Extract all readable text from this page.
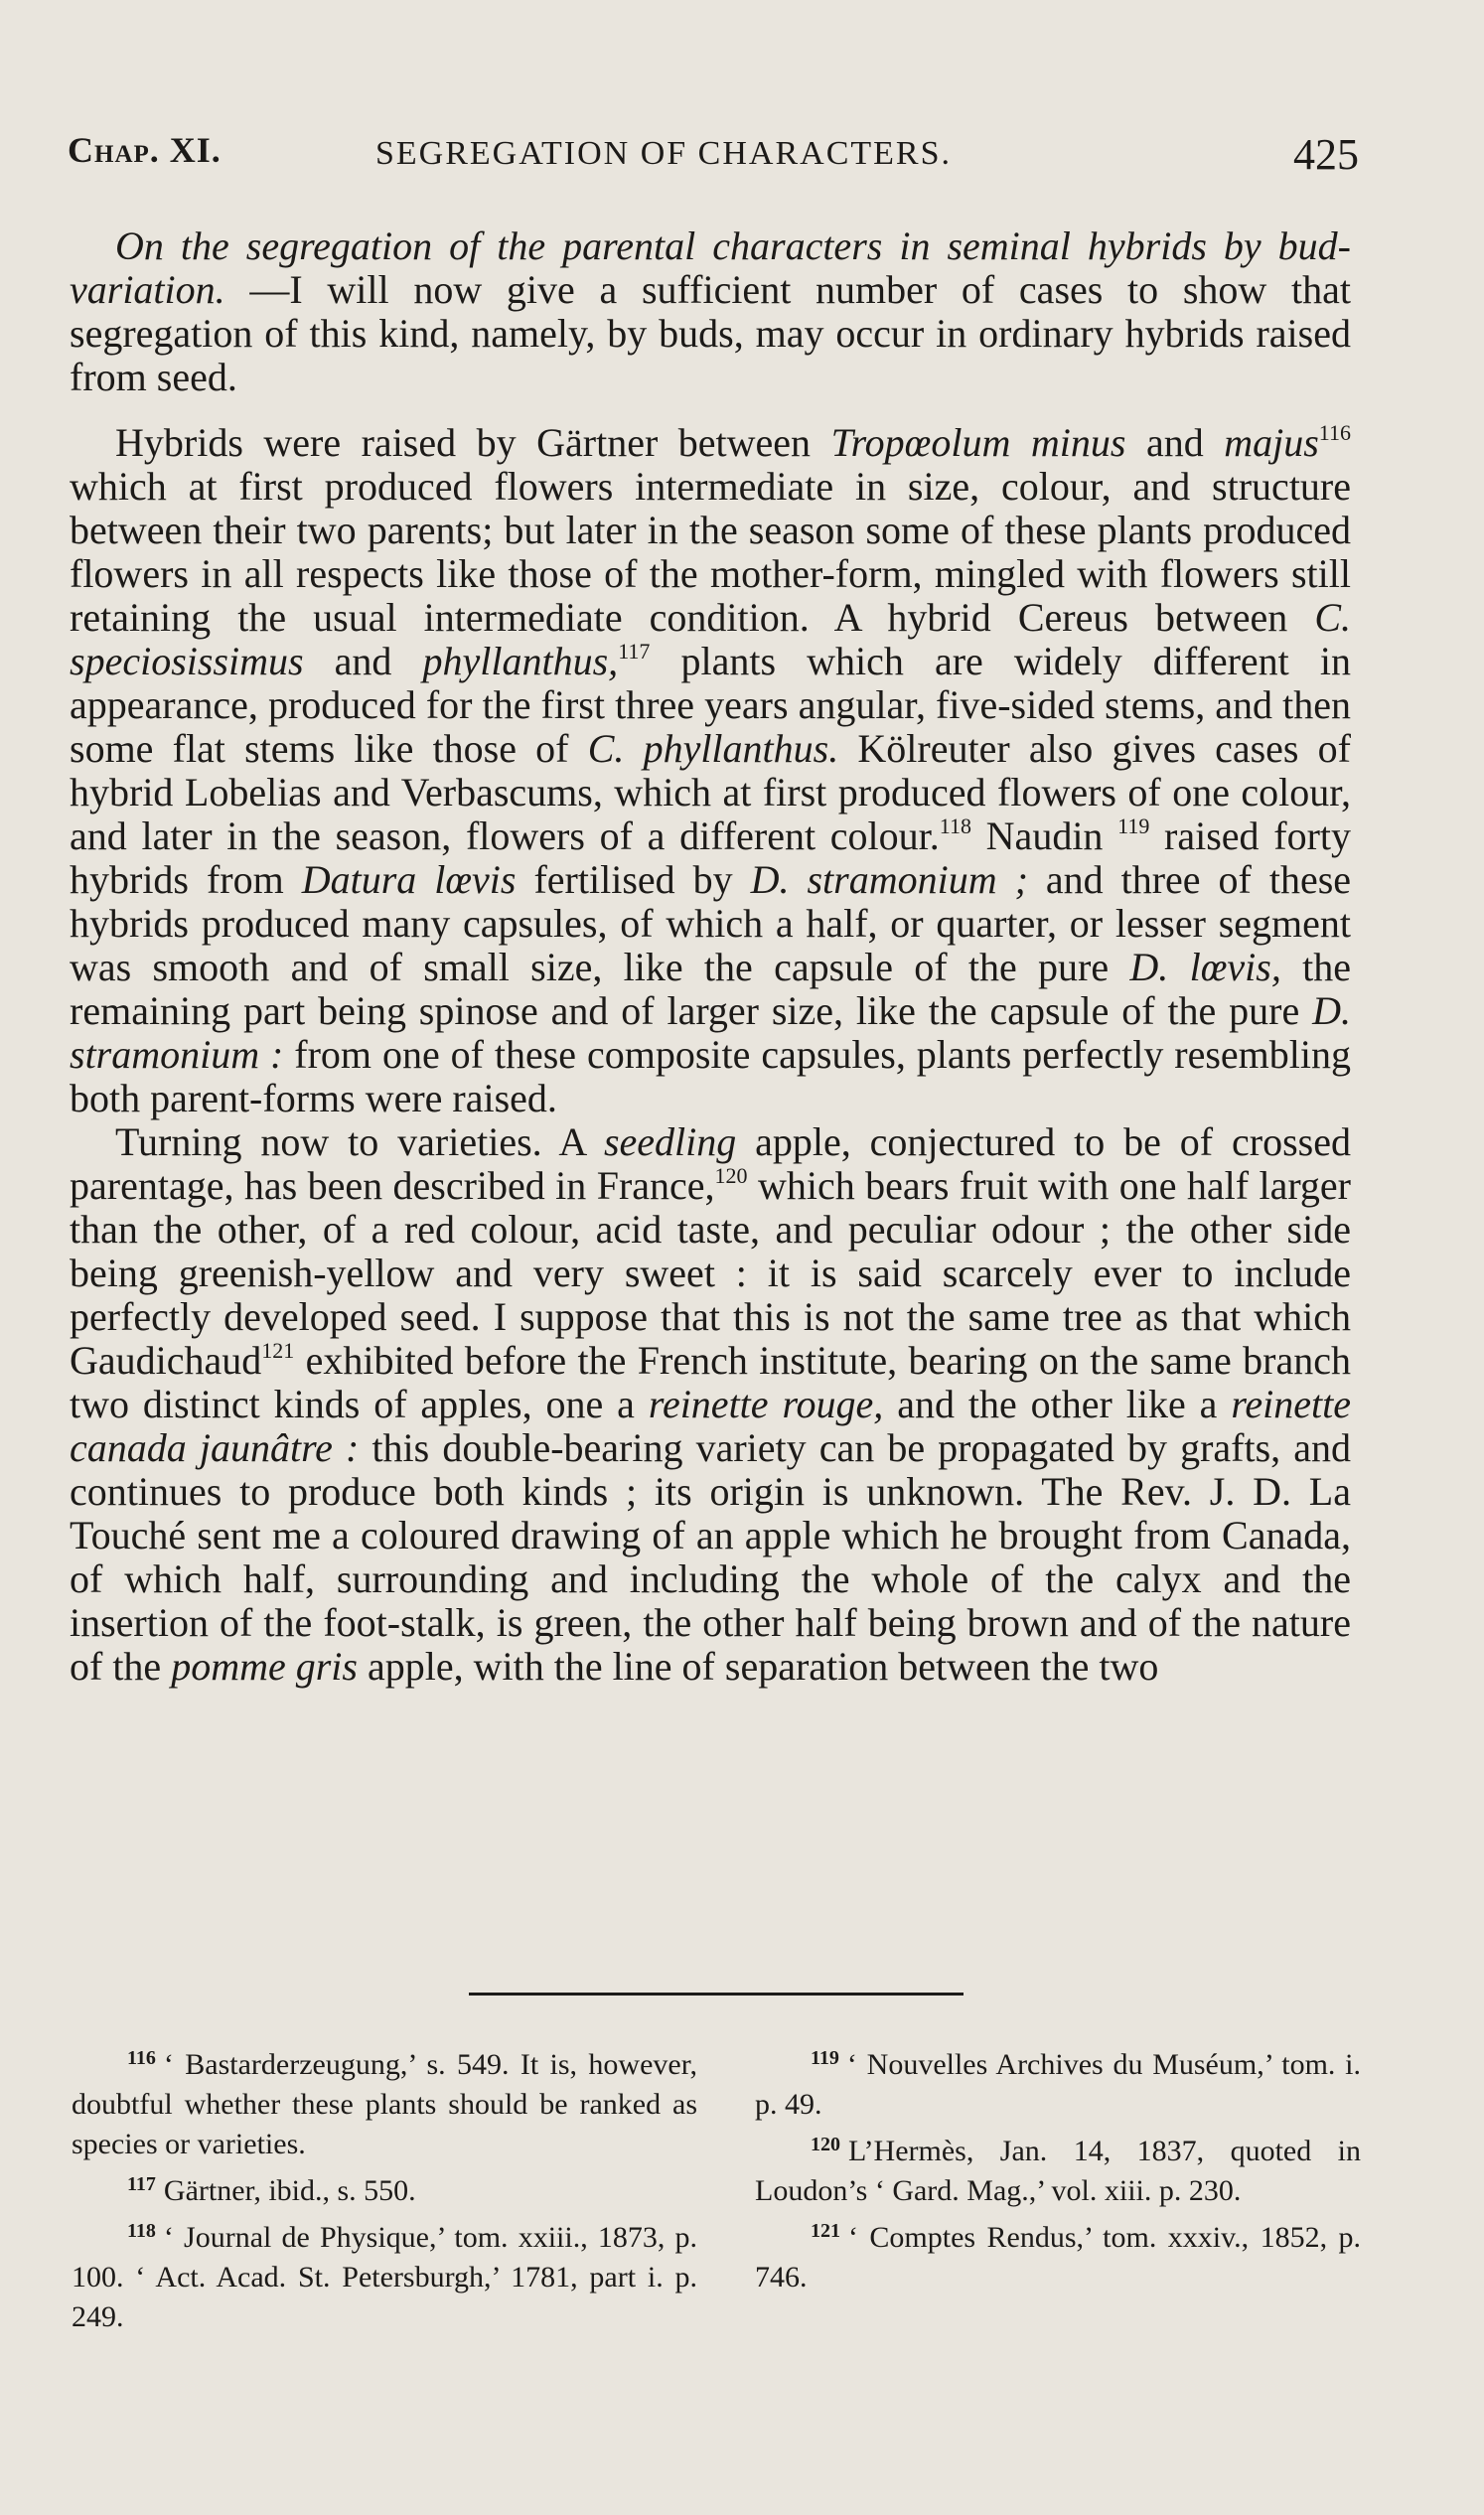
Chap. XI.	SEGREGATION OF CHARACTERS.	425

On the segregation of the parental characters in seminal hybrids by bud-variation. —I will now give a sufficient number of cases to show that segregation of this kind, namely, by buds, may occur in ordinary hybrids raised from seed.

Hybrids were raised by Gärtner between Tropœolum minus and majus$^{116}$ which at first produced flowers intermediate in size, colour, and structure between their two parents; but later in the season some of these plants produced flowers in all respects like those of the mother-form, mingled with flowers still retaining the usual intermediate condition. A hybrid Cereus between C. speciosissimus and phyllanthus,$^{117}$ plants which are widely different in appearance, produced for the first three years angular, five-sided stems, and then some flat stems like those of C. phyllanthus. Kölreuter also gives cases of hybrid Lobelias and Verbascums, which at first produced flowers of one colour, and later in the season, flowers of a different colour.$^{118}$ Naudin $^{119}$ raised forty hybrids from Datura lœvis fertilised by D. stramonium ; and three of these hybrids produced many capsules, of which a half, or quarter, or lesser segment was smooth and of small size, like the capsule of the pure D. lœvis, the remaining part being spinose and of larger size, like the capsule of the pure D. stramonium : from one of these composite capsules, plants perfectly resembling both parent-forms were raised.

Turning now to varieties. A seedling apple, conjectured to be of crossed parentage, has been described in France,$^{120}$ which bears fruit with one half larger than the other, of a red colour, acid taste, and peculiar odour ; the other side being greenish-yellow and very sweet : it is said scarcely ever to include perfectly developed seed. I suppose that this is not the same tree as that which Gaudichaud$^{121}$ exhibited before the French institute, bearing on the same branch two distinct kinds of apples, one a reinette rouge, and the other like a reinette canada jaunâtre : this double-bearing variety can be propagated by grafts, and continues to produce both kinds ; its origin is unknown. The Rev. J. D. La Touché sent me a coloured drawing of an apple which he brought from Canada, of which half, surrounding and including the whole of the calyx and the insertion of the foot-stalk, is green, the other half being brown and of the nature of the pomme gris apple, with the line of separation between the two

$^{116}$ ‘ Bastarderzeugung,’ s. 549. It is, however, doubtful whether these plants should be ranked as species or varieties.

$^{117}$ Gärtner, ibid., s. 550.

$^{118}$ ‘ Journal de Physique,’ tom. xxiii., 1873, p. 100. ‘ Act. Acad. St. Petersburgh,’ 1781, part i. p. 249.

$^{119}$ ‘ Nouvelles Archives du Muséum,’ tom. i. p. 49.

$^{120}$ L’Hermès, Jan. 14, 1837, quoted in Loudon’s ‘ Gard. Mag.,’ vol. xiii. p. 230.

$^{121}$ ‘ Comptes Rendus,’ tom. xxxiv., 1852, p. 746.
